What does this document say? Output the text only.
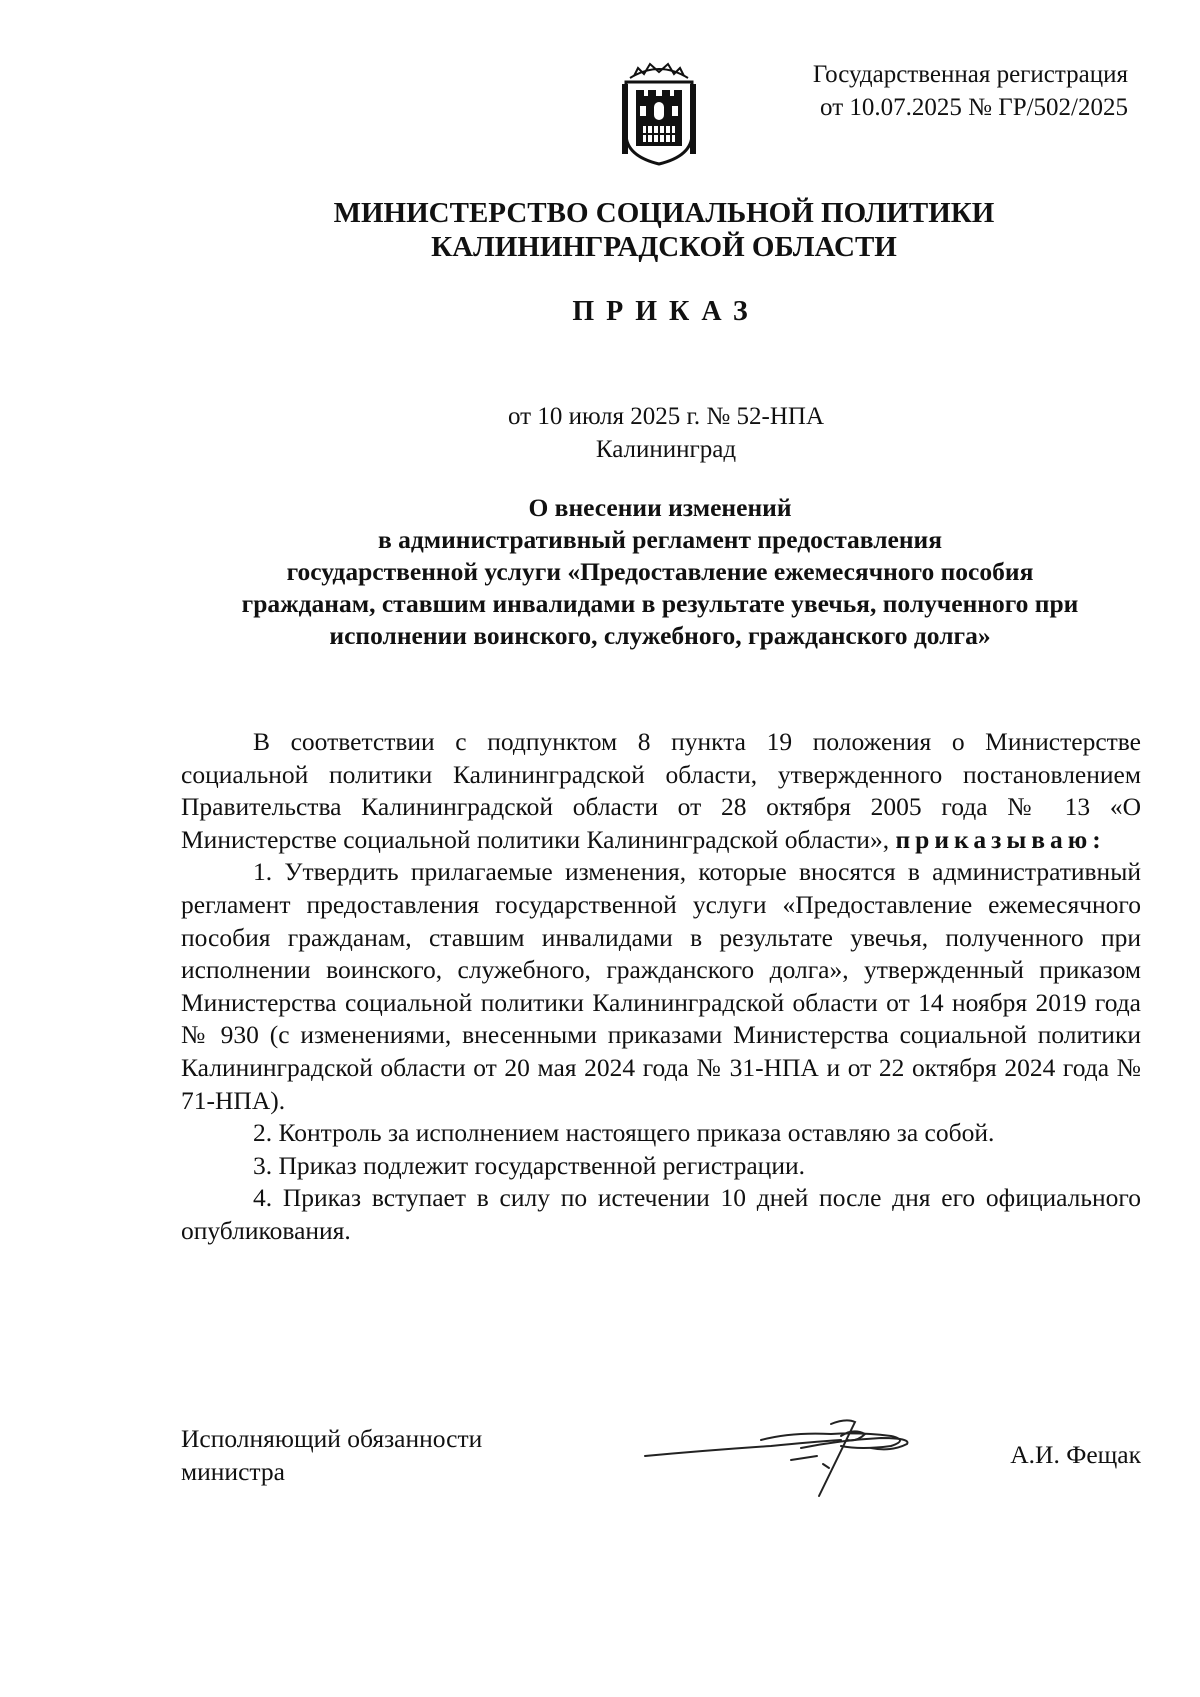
Государственная регистрация
от 10.07.2025 № ГР/502/2025
МИНИСТЕРСТВО СОЦИАЛЬНОЙ ПОЛИТИКИ
КАЛИНИНГРАДСКОЙ ОБЛАСТИ
ПРИКАЗ
от 10 июля 2025 г. № 52-НПА
Калининград
О внесении изменений
в административный регламент предоставления
государственной услуги «Предоставление ежемесячного пособия
гражданам, ставшим инвалидами в результате увечья, полученного при
исполнении воинского, служебного, гражданского долга»

В соответствии с подпунктом 8 пункта 19 положения о Министерстве социальной политики Калининградской области, утвержденного постановлением Правительства Калининградской области от 28 октября 2005 года № 13 «О Министерстве социальной политики Калининградской области», приказываю:

1. Утвердить прилагаемые изменения, которые вносятся в административный регламент предоставления государственной услуги «Предоставление ежемесячного пособия гражданам, ставшим инвалидами в результате увечья, полученного при исполнении воинского, служебного, гражданского долга», утвержденный приказом Министерства социальной политики Калининградской области от 14 ноября 2019 года № 930 (с изменениями, внесенными приказами Министерства социальной политики Калининградской области от 20 мая 2024 года № 31-НПА и от 22 октября 2024 года № 71-НПА).

2. Контроль за исполнением настоящего приказа оставляю за собой.

3. Приказ подлежит государственной регистрации.

4. Приказ вступает в силу по истечении 10 дней после дня его официального опубликования.

Исполняющий обязанности
министра
А.И. Фещак
